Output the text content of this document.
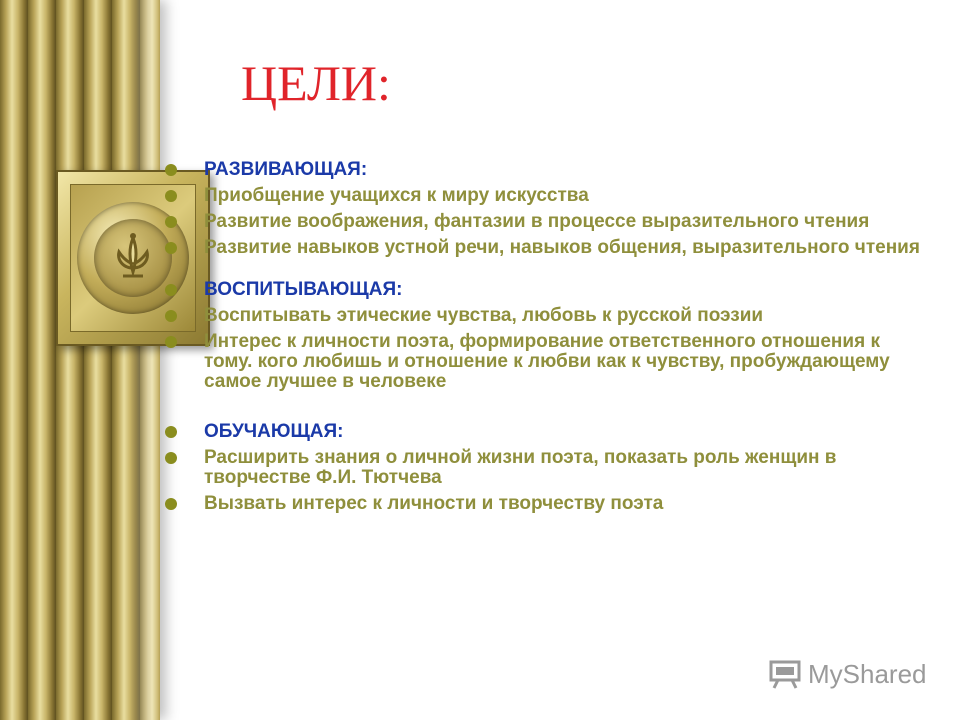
ЦЕЛИ:
РАЗВИВАЮЩАЯ:
Приобщение учащихся к миру искусства
Развитие воображения, фантазии в процессе выразительного чтения
Развитие навыков устной речи, навыков общения, выразительного чтения
ВОСПИТЫВАЮЩАЯ:
Воспитывать этические чувства, любовь к русской поэзии
Интерес к личности поэта, формирование ответственного отношения к тому. кого любишь и отношение к любви как к чувству, пробуждающему самое лучшее в человеке
ОБУЧАЮЩАЯ:
Расширить знания о личной жизни поэта, показать роль женщин в творчестве Ф.И. Тютчева
Вызвать интерес к личности и творчеству поэта
MyShared
